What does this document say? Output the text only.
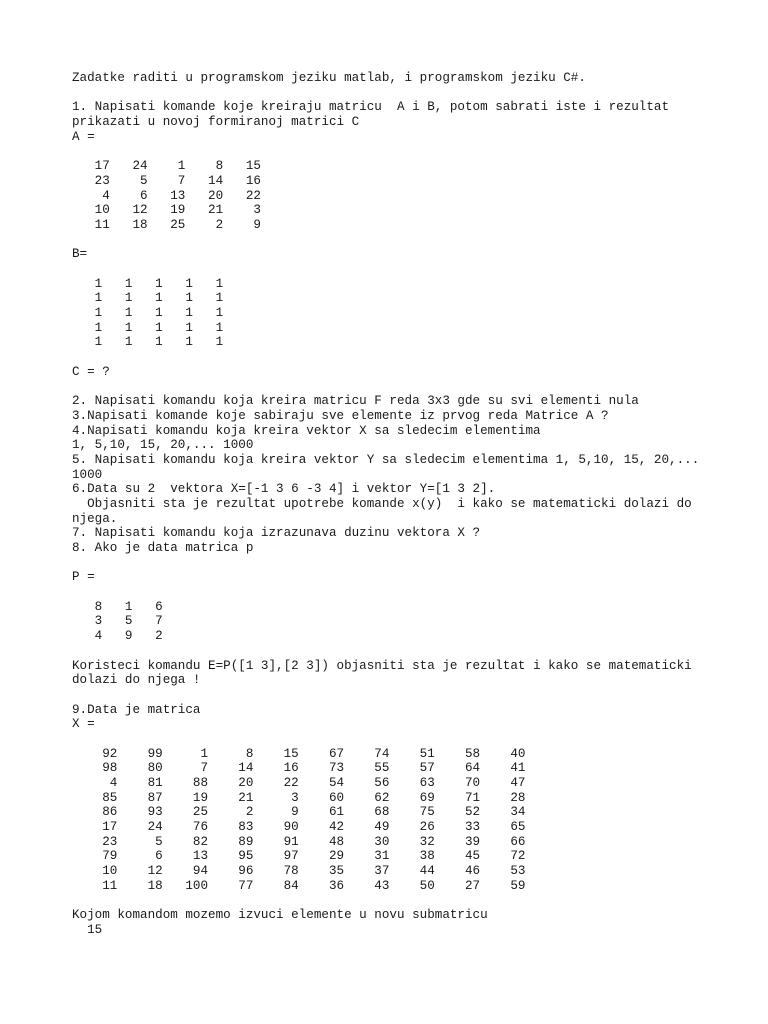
Zadatke raditi u programskom jeziku matlab, i programskom jeziku C#.

1. Napisati komande koje kreiraju matricu  A i B, potom sabrati iste i rezultat
prikazati u novoj formiranoj matrici C
A =

17   24    1    8   15
23    5    7   14   16
4    6   13   20   22
10   12   19   21    3
11   18   25    2    9

B=

1   1   1   1   1
1   1   1   1   1
1   1   1   1   1
1   1   1   1   1
1   1   1   1   1

C = ?

2. Napisati komandu koja kreira matricu F reda 3x3 gde su svi elementi nula
3.Napisati komande koje sabiraju sve elemente iz prvog reda Matrice A ?
4.Napisati komandu koja kreira vektor X sa sledecim elementima
1, 5,10, 15, 20,... 1000
5. Napisati komandu koja kreira vektor Y sa sledecim elementima 1, 5,10, 15, 20,...
1000
6.Data su 2  vektora X=[-1 3 6 -3 4] i vektor Y=[1 3 2].
Objasniti sta je rezultat upotrebe komande x(y)  i kako se matematicki dolazi do
njega.
7. Napisati komandu koja izrazunava duzinu vektora X ?
8. Ako je data matrica p

P =

8   1   6
3   5   7
4   9   2

Koristeci komandu E=P([1 3],[2 3]) objasniti sta je rezultat i kako se matematicki
dolazi do njega !

9.Data je matrica
X =

92    99     1     8    15    67    74    51    58    40
98    80     7    14    16    73    55    57    64    41
4    81    88    20    22    54    56    63    70    47
85    87    19    21     3    60    62    69    71    28
86    93    25     2     9    61    68    75    52    34
17    24    76    83    90    42    49    26    33    65
23     5    82    89    91    48    30    32    39    66
79     6    13    95    97    29    31    38    45    72
10    12    94    96    78    35    37    44    46    53
11    18   100    77    84    36    43    50    27    59

Kojom komandom mozemo izvuci elemente u novu submatricu
15
